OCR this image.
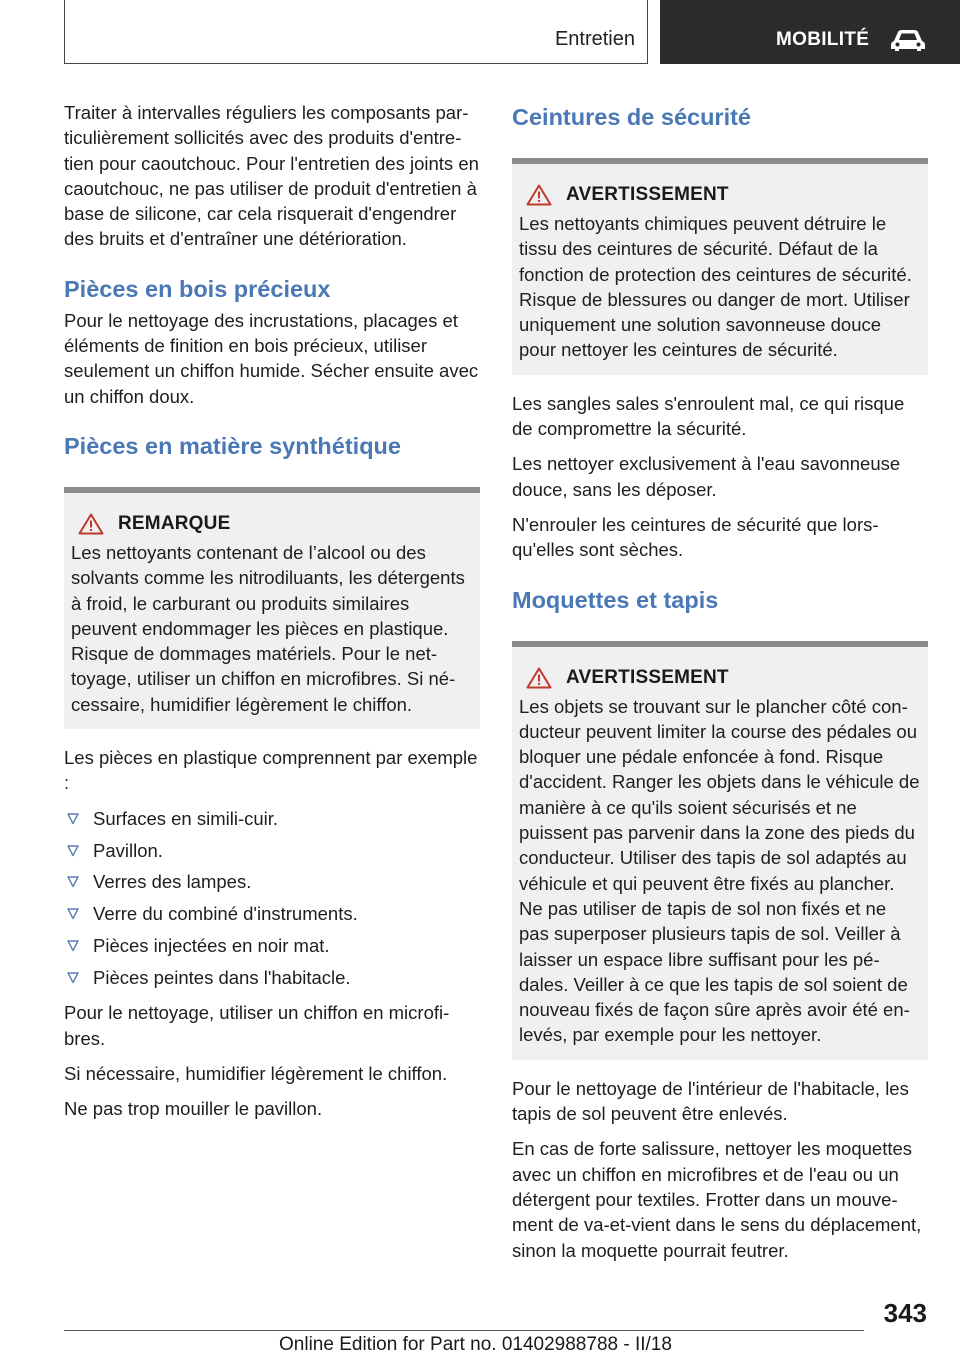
Entretien	MOBILITÉ

Traiter à intervalles réguliers les composants particulièrement sollicités avec des produits d'entretien pour caoutchouc. Pour l'entretien des joints en caoutchouc, ne pas utiliser de produit d'entretien à base de silicone, car cela risquerait d'engendrer des bruits et d'entraîner une détérioration.

Pièces en bois précieux

Pour le nettoyage des incrustations, placages et éléments de finition en bois précieux, utiliser seulement un chiffon humide. Sécher ensuite avec un chiffon doux.

Pièces en matière synthétique
REMARQUE

Les nettoyants contenant de l’alcool ou des solvants comme les nitrodiluants, les détergents à froid, le carburant ou produits similaires peuvent endommager les pièces en plastique. Risque de dommages matériels. Pour le nettoyage, utiliser un chiffon en microfibres. Si nécessaire, humidifier légèrement le chiffon.

Les pièces en plastique comprennent par exemple :

Surfaces en simili-cuir.
Pavillon.
Verres des lampes.
Verre du combiné d'instruments.
Pièces injectées en noir mat.
Pièces peintes dans l'habitacle.

Pour le nettoyage, utiliser un chiffon en microfibres.

Si nécessaire, humidifier légèrement le chiffon.

Ne pas trop mouiller le pavillon.

Ceintures de sécurité
AVERTISSEMENT

Les nettoyants chimiques peuvent détruire le tissu des ceintures de sécurité. Défaut de la fonction de protection des ceintures de sécurité. Risque de blessures ou danger de mort. Utiliser uniquement une solution savonneuse douce pour nettoyer les ceintures de sécurité.

Les sangles sales s'enroulent mal, ce qui risque de compromettre la sécurité.

Les nettoyer exclusivement à l'eau savonneuse douce, sans les déposer.

N'enrouler les ceintures de sécurité que lorsqu'elles sont sèches.

Moquettes et tapis
AVERTISSEMENT

Les objets se trouvant sur le plancher côté conducteur peuvent limiter la course des pédales ou bloquer une pédale enfoncée à fond. Risque d'accident. Ranger les objets dans le véhicule de manière à ce qu'ils soient sécurisés et ne puissent pas parvenir dans la zone des pieds du conducteur. Utiliser des tapis de sol adaptés au véhicule et qui peuvent être fixés au plancher. Ne pas utiliser de tapis de sol non fixés et ne pas superposer plusieurs tapis de sol. Veiller à laisser un espace libre suffisant pour les pédales. Veiller à ce que les tapis de sol soient de nouveau fixés de façon sûre après avoir été enlevés, par exemple pour les nettoyer.

Pour le nettoyage de l'intérieur de l'habitacle, les tapis de sol peuvent être enlevés.

En cas de forte salissure, nettoyer les moquettes avec un chiffon en microfibres et de l'eau ou un détergent pour textiles. Frotter dans un mouvement de va-et-vient dans le sens du déplacement, sinon la moquette pourrait feutrer.

343
Online Edition for Part no. 01402988788 - II/18
